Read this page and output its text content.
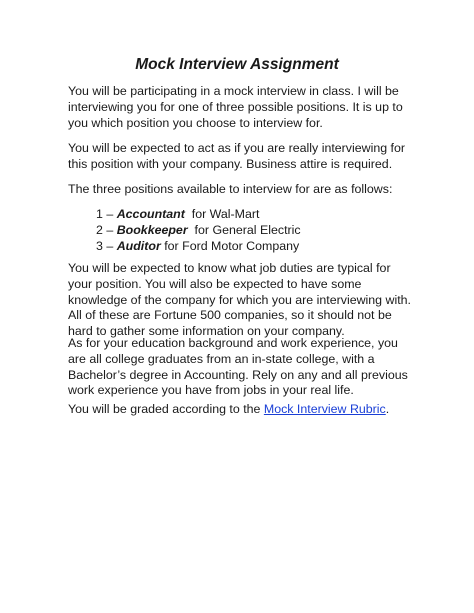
Mock Interview Assignment

You will be participating in a mock interview in class. I will be interviewing you for one of three possible positions. It is up to you which position you choose to interview for.

You will be expected to act as if you are really interviewing for this position with your company. Business attire is required.

The three positions available to interview for are as follows:

1 – Accountant for Wal-Mart
2 – Bookkeeper for General Electric
3 – Auditor for Ford Motor Company

You will be expected to know what job duties are typical for your position. You will also be expected to have some knowledge of the company for which you are interviewing with. All of these are Fortune 500 companies, so it should not be hard to gather some information on your company.

As for your education background and work experience, you are all college graduates from an in-state college, with a Bachelor’s degree in Accounting. Rely on any and all previous work experience you have from jobs in your real life.

You will be graded according to the Mock Interview Rubric.
